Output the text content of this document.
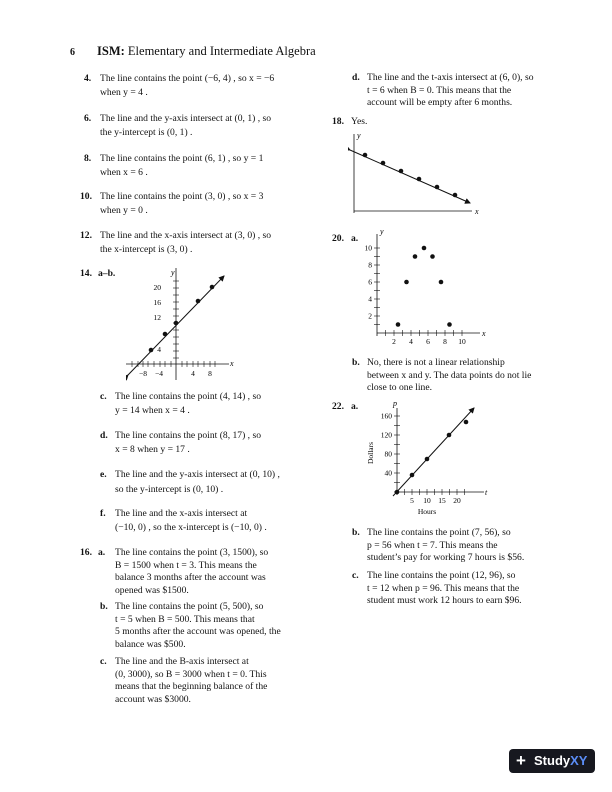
6 ISM: Elementary and Intermediate Algebra
4. The line contains the point (−6, 4) , so x = −6
when y = 4 .
6. The line and the y-axis intersect at (0, 1) , so
the y-intercept is (0, 1) .
8. The line contains the point (6, 1) , so y = 1
when x = 6 .
10. The line contains the point (3, 0) , so x = 3
when y = 0 .
12. The line and the x-axis intersect at (3, 0) , so
the x-intercept is (3, 0) .
14. a–b.	y
x
20
16
12
4
−8 −4	4 8
c. The line contains the point (4, 14) , so
y = 14 when x = 4 .
d. The line contains the point (8, 17) , so
x = 8 when y = 17 .
e. The line and the y-axis intersect at (0, 10) ,
so the y-intercept is (0, 10) .
f. The line and the x-axis intersect at
(−10, 0) , so the x-intercept is (−10, 0) .
16. a. The line contains the point (3, 1500), so
B = 1500 when t = 3. This means the
balance 3 months after the account was
opened was $1500.
b. The line contains the point (5, 500), so
t = 5 when B = 500. This means that
5 months after the account was opened, the
balance was $500.
c. The line and the B-axis intersect at
(0, 3000), so B = 3000 when t = 0. This
means that the beginning balance of the
account was $3000.
d. The line and the t-axis intersect at (6, 0), so
t = 6 when B = 0. This means that the
account will be empty after 6 months.
18. Yes.
y
x
20. a.
y
x
10
8
6
4
2
2 4 6 8 10
b. No, there is not a linear relationship
between x and y. The data points do not lie
close to one line.
22. a.	p
t
160
120
80
40
5 10 15 20
Hours
Dollars
b. The line contains the point (7, 56), so
p = 56 when t = 7. This means the
student’s pay for working 7 hours is $56.
c. The line contains the point (12, 96), so
t = 12 when p = 96. This means that the
student must work 12 hours to earn $96.
+ StudyXY
